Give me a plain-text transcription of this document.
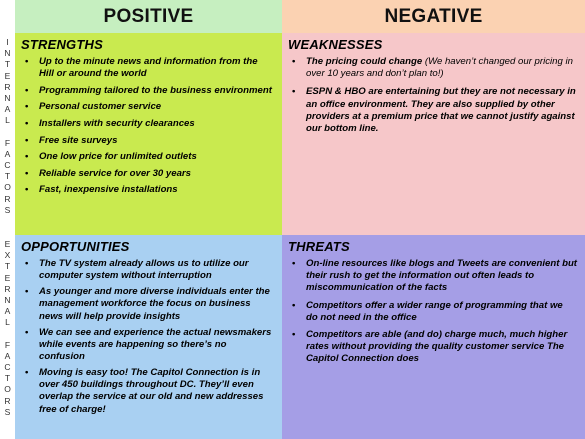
POSITIVE	NEGATIVE
I
N
T
E
R
N
A
L
F
A
C
T
O
R
S
E
X
T
E
R
N
A
L
F
A
C
T
O
R
S
STRENGTHS
• Up to the minute news and information from the Hill or around the world
• Programming tailored to the business environment
• Personal customer service
• Installers with security clearances
• Free site surveys
• One low price for unlimited outlets
• Reliable service for over 30 years
• Fast, inexpensive installations
WEAKNESSES
• The pricing could change (We haven’t changed our pricing in over 10 years and don’t plan to!)
• ESPN & HBO are entertaining but they are not necessary in an office environment. They are also supplied by other providers at a premium price that we cannot justify against our bottom line.
OPPORTUNITIES
• The TV system already allows us to utilize our computer system without interruption
• As younger and more diverse individuals enter the management workforce the focus on business news will help provide insights
• We can see and experience the actual newsmakers while events are happening so there’s no confusion
• Moving is easy too! The Capitol Connection is in over 450 buildings throughout DC. They’ll even overlap the service at our old and new addresses free of charge!
THREATS
• On-line resources like blogs and Tweets are convenient but their rush to get the information out often leads to miscommunication of the facts
• Competitors offer a wider range of programming that we do not need in the office
• Competitors are able (and do) charge much, much higher rates without providing the quality customer service The Capitol Connection does
